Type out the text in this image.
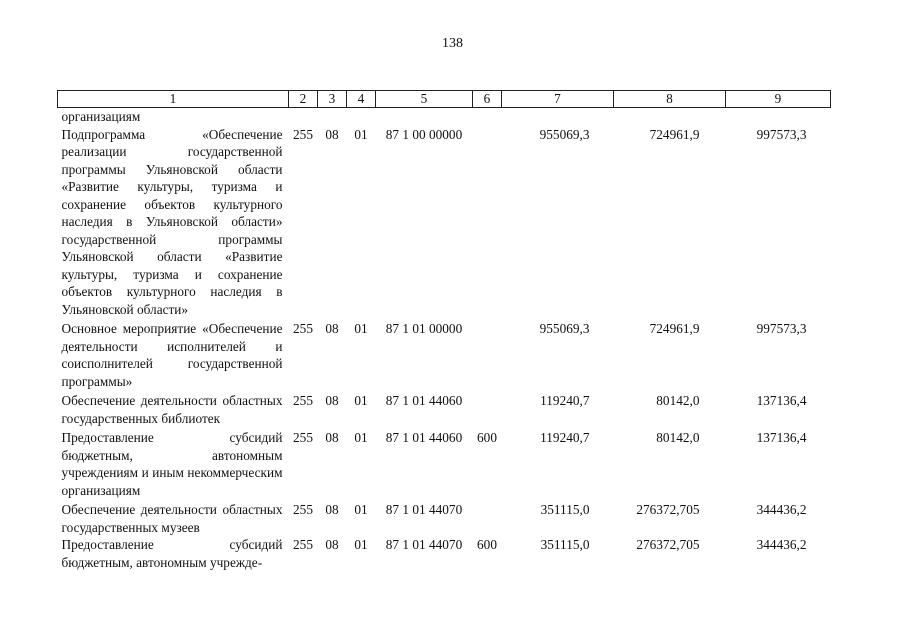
138
1	2	3	4	5	6	7	8	9
организациям								
Подпрограмма «Обеспечение реализации государственной программы Ульяновской области «Развитие культуры, туризма и сохранение объектов культурного наследия в Ульяновской области» государственной программы Ульяновской области «Развитие культуры, туризма и сохранение объектов культурного наследия в Ульяновской области»	255	08	01	87 1 00 00000		955069,3	724961,9	997573,3
Основное мероприятие «Обеспечение деятельности исполнителей и соисполнителей государственной программы»	255	08	01	87 1 01 00000		955069,3	724961,9	997573,3
Обеспечение деятельности областных государственных библиотек	255	08	01	87 1 01 44060		119240,7	80142,0	137136,4
Предоставление субсидий бюджетным, автономным учреждениям и иным некоммерческим организациям	255	08	01	87 1 01 44060	600	119240,7	80142,0	137136,4
Обеспечение деятельности областных государственных музеев	255	08	01	87 1 01 44070		351115,0	276372,705	344436,2
Предоставление субсидий бюджетным, автономным учрежде-	255	08	01	87 1 01 44070	600	351115,0	276372,705	344436,2
